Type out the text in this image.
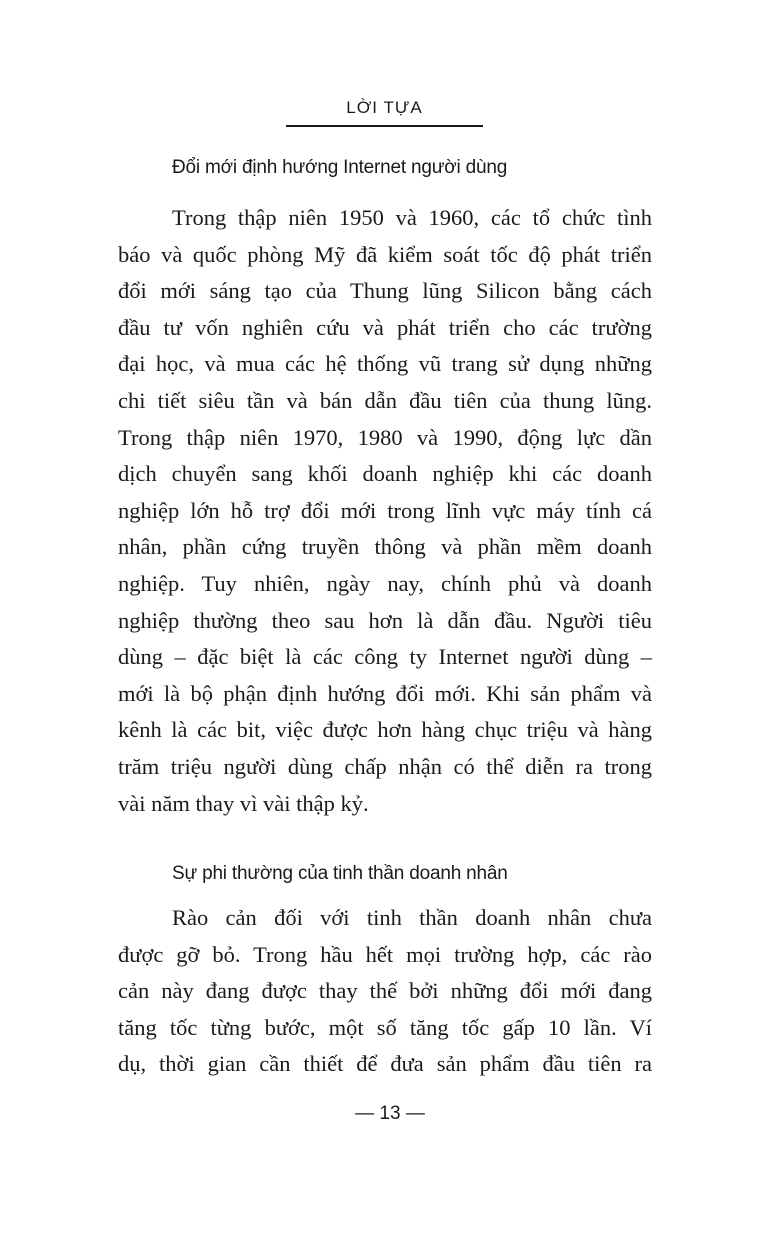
LỜI TỰA
Đổi mới định hướng Internet người dùng
Trong thập niên 1950 và 1960, các tổ chức tình
báo và quốc phòng Mỹ đã kiểm soát tốc độ phát triển
đổi mới sáng tạo của Thung lũng Silicon bằng cách
đầu tư vốn nghiên cứu và phát triển cho các trường
đại học, và mua các hệ thống vũ trang sử dụng những
chi tiết siêu tần và bán dẫn đầu tiên của thung lũng.
Trong thập niên 1970, 1980 và 1990, động lực dần
dịch chuyển sang khối doanh nghiệp khi các doanh
nghiệp lớn hỗ trợ đổi mới trong lĩnh vực máy tính cá
nhân, phần cứng truyền thông và phần mềm doanh
nghiệp. Tuy nhiên, ngày nay, chính phủ và doanh
nghiệp thường theo sau hơn là dẫn đầu. Người tiêu
dùng – đặc biệt là các công ty Internet người dùng –
mới là bộ phận định hướng đổi mới. Khi sản phẩm và
kênh là các bit, việc được hơn hàng chục triệu và hàng
trăm triệu người dùng chấp nhận có thể diễn ra trong
vài năm thay vì vài thập kỷ.
Sự phi thường của tinh thần doanh nhân
Rào cản đối với tinh thần doanh nhân chưa
được gỡ bỏ. Trong hầu hết mọi trường hợp, các rào
cản này đang được thay thế bởi những đổi mới đang
tăng tốc từng bước, một số tăng tốc gấp 10 lần. Ví
dụ, thời gian cần thiết để đưa sản phẩm đầu tiên ra
— 13 —
